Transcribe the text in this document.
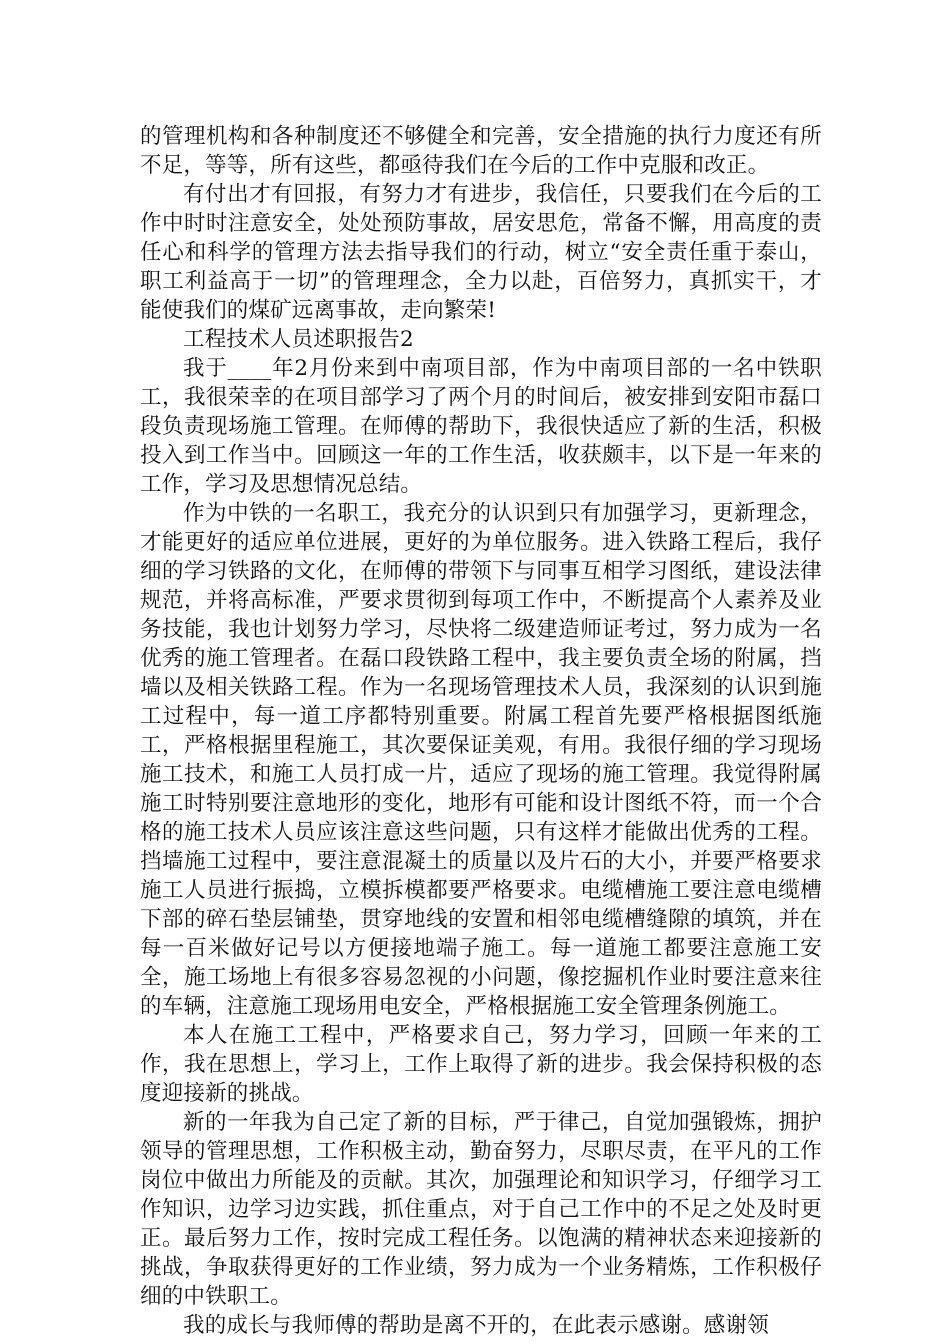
的管理机构和各种制度还不够健全和完善，安全措施的执行力度还有所不足，等等，所有这些，都亟待我们在今后的工作中克服和改正。

有付出才有回报，有努力才有进步，我信任，只要我们在今后的工作中时时注意安全，处处预防事故，居安思危，常备不懈，用高度的责任心和科学的管理方法去指导我们的行动，树立“安全责任重于泰山，职工利益高于一切”的管理理念，全力以赴，百倍努力，真抓实干，才能使我们的煤矿远离事故，走向繁荣!

工程技术人员述职报告2

我于____年2月份来到中南项目部，作为中南项目部的一名中铁职工，我很荣幸的在项目部学习了两个月的时间后，被安排到安阳市磊口段负责现场施工管理。在师傅的帮助下，我很快适应了新的生活，积极投入到工作当中。回顾这一年的工作生活，收获颇丰，以下是一年来的工作，学习及思想情况总结。

作为中铁的一名职工，我充分的认识到只有加强学习，更新理念，才能更好的适应单位进展，更好的为单位服务。进入铁路工程后，我仔细的学习铁路的文化，在师傅的带领下与同事互相学习图纸，建设法律规范，并将高标准，严要求贯彻到每项工作中，不断提高个人素养及业务技能，我也计划努力学习，尽快将二级建造师证考过，努力成为一名优秀的施工管理者。在磊口段铁路工程中，我主要负责全场的附属，挡墙以及相关铁路工程。作为一名现场管理技术人员，我深刻的认识到施工过程中，每一道工序都特别重要。附属工程首先要严格根据图纸施工，严格根据里程施工，其次要保证美观，有用。我很仔细的学习现场施工技术，和施工人员打成一片，适应了现场的施工管理。我觉得附属施工时特别要注意地形的变化，地形有可能和设计图纸不符，而一个合格的施工技术人员应该注意这些问题，只有这样才能做出优秀的工程。挡墙施工过程中，要注意混凝土的质量以及片石的大小，并要严格要求施工人员进行振捣，立模拆模都要严格要求。电缆槽施工要注意电缆槽下部的碎石垫层铺垫，贯穿地线的安置和相邻电缆槽缝隙的填筑，并在每一百米做好记号以方便接地端子施工。每一道施工都要注意施工安全，施工场地上有很多容易忽视的小问题，像挖掘机作业时要注意来往的车辆，注意施工现场用电安全，严格根据施工安全管理条例施工。

本人在施工工程中，严格要求自己，努力学习，回顾一年来的工作，我在思想上，学习上，工作上取得了新的进步。我会保持积极的态度迎接新的挑战。

新的一年我为自己定了新的目标，严于律己，自觉加强锻炼，拥护领导的管理思想，工作积极主动，勤奋努力，尽职尽责，在平凡的工作岗位中做出力所能及的贡献。其次，加强理论和知识学习，仔细学习工作知识，边学习边实践，抓住重点，对于自己工作中的不足之处及时更正。最后努力工作，按时完成工程任务。以饱满的精神状态来迎接新的挑战，争取获得更好的工作业绩，努力成为一个业务精炼，工作积极仔细的中铁职工。

我的成长与我师傅的帮助是离不开的，在此表示感谢。感谢领
